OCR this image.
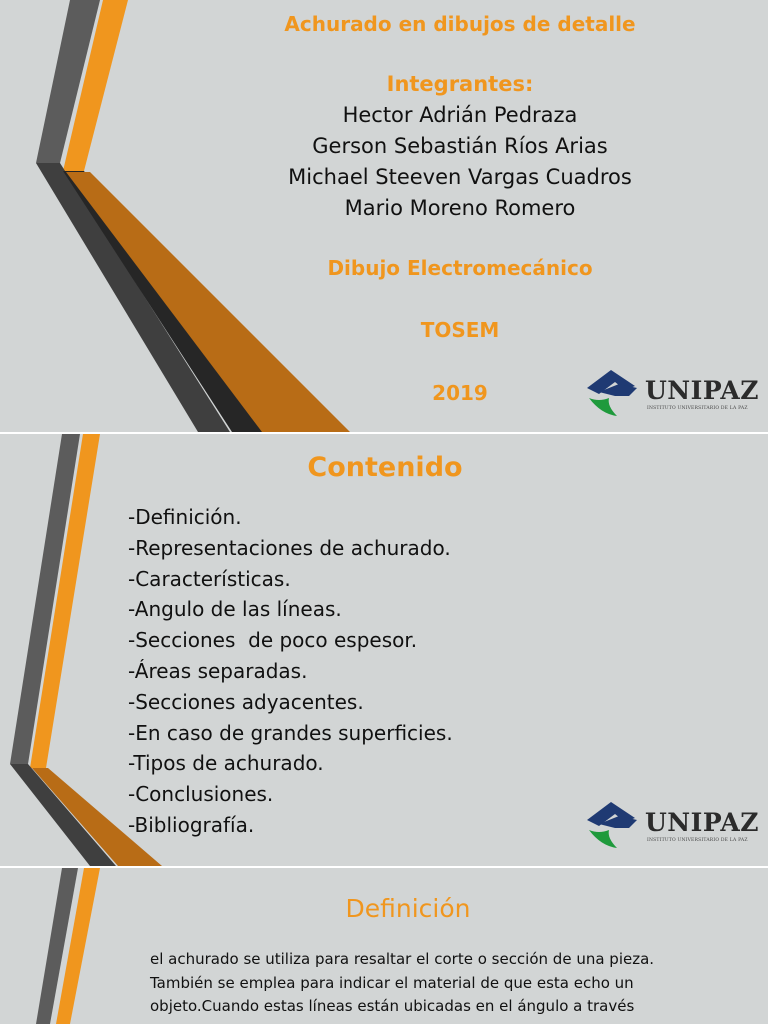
Achurado en dibujos de detalle
Integrantes:
Hector Adrián Pedraza
Gerson Sebastián Ríos Arias
Michael Steeven Vargas Cuadros
Mario Moreno Romero
Dibujo Electromecánico
TOSEM
2019	UNIPAZ
INSTITUTO UNIVERSITARIO DE LA PAZ
Contenido
-Definición.
-Representaciones de achurado.
-Características.
-Angulo de las líneas.
-Secciones  de poco espesor.
-Áreas separadas.
-Secciones adyacentes.
-En caso de grandes superficies.
-Tipos de achurado.
-Conclusiones.
-Bibliografía.	UNIPAZ
INSTITUTO UNIVERSITARIO DE LA PAZ
Definición
el achurado se utiliza para resaltar el corte o sección de una pieza. También se emplea para indicar el material de que esta echo un objeto.Cuando estas líneas están ubicadas en el ángulo a través
